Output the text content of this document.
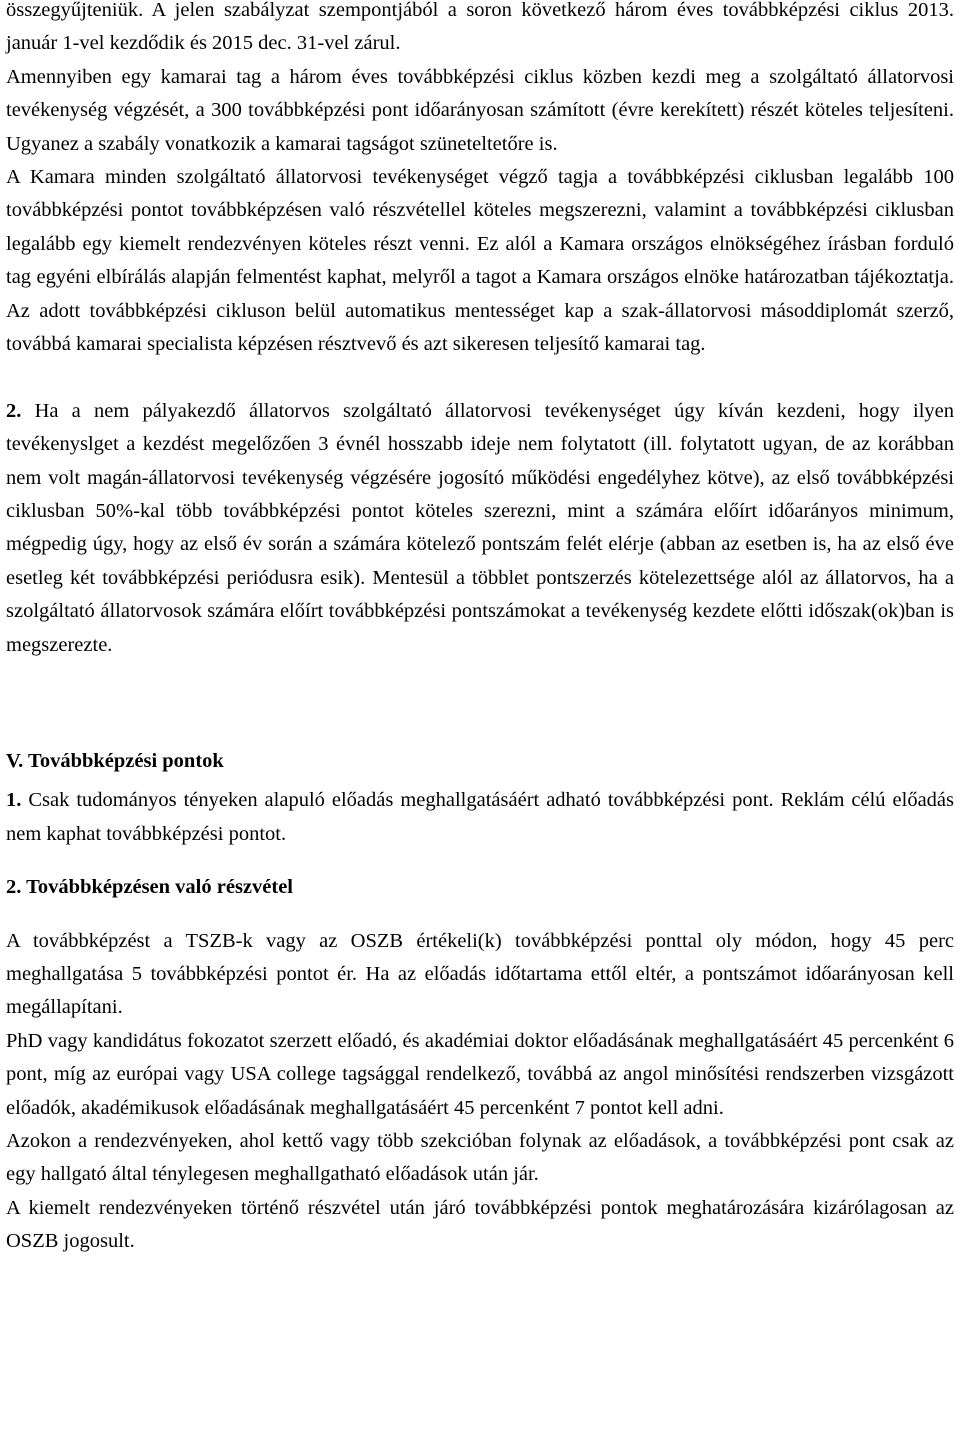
összegyűjteniük. A jelen szabályzat szempontjából a soron következő három éves továbbképzési ciklus 2013. január 1-vel kezdődik és 2015 dec. 31-vel zárul.

Amennyiben egy kamarai tag a három éves továbbképzési ciklus közben kezdi meg a szolgáltató állatorvosi tevékenység végzését, a 300 továbbképzési pont időarányosan számított (évre kerekített) részét köteles teljesíteni. Ugyanez a szabály vonatkozik a kamarai tagságot szüneteltetőre is.

A Kamara minden szolgáltató állatorvosi tevékenységet végző tagja a továbbképzési ciklusban legalább 100 továbbképzési pontot továbbképzésen való részvétellel köteles megszerezni, valamint a továbbképzési ciklusban legalább egy kiemelt rendezvényen köteles részt venni. Ez alól a Kamara országos elnökségéhez írásban forduló tag egyéni elbírálás alapján felmentést kaphat, melyről a tagot a Kamara országos elnöke határozatban tájékoztatja. Az adott továbbképzési cikluson belül automatikus mentességet kap a szak-állatorvosi másoddiplomát szerző, továbbá kamarai specialista képzésen résztvevő és azt sikeresen teljesítő kamarai tag.

2. Ha a nem pályakezdő állatorvos szolgáltató állatorvosi tevékenységet úgy kíván kezdeni, hogy ilyen tevékenyslget a kezdést megelőzően 3 évnél hosszabb ideje nem folytatott (ill. folytatott ugyan, de az korábban nem volt magán-állatorvosi tevékenység végzésére jogosító működési engedélyhez kötve), az első továbbképzési ciklusban 50%-kal több továbbképzési pontot köteles szerezni, mint a számára előírt időarányos minimum, mégpedig úgy, hogy az első év során a számára kötelező pontszám felét elérje (abban az esetben is, ha az első éve esetleg két továbbképzési periódusra esik). Mentesül a többlet pontszerzés kötelezettsége alól az állatorvos, ha a szolgáltató állatorvosok számára előírt továbbképzési pontszámokat a tevékenység kezdete előtti időszak(ok)ban is megszerezte.

V. Továbbképzési pontok

1. Csak tudományos tényeken alapuló előadás meghallgatásáért adható továbbképzési pont. Reklám célú előadás nem kaphat továbbképzési pontot.

2. Továbbképzésen való részvétel

A továbbképzést a TSZB-k vagy az OSZB értékeli(k) továbbképzési ponttal oly módon, hogy 45 perc meghallgatása 5 továbbképzési pontot ér. Ha az előadás időtartama ettől eltér, a pontszámot időarányosan kell megállapítani.

PhD vagy kandidátus fokozatot szerzett előadó, és akadémiai doktor előadásának meghallgatásáért 45 percenként 6 pont, míg az európai vagy USA college tagsággal rendelkező, továbbá az angol minősítési rendszerben vizsgázott előadók, akadémikusok előadásának meghallgatásáért 45 percenként 7 pontot kell adni.

Azokon a rendezvényeken, ahol kettő vagy több szekcióban folynak az előadások, a továbbképzési pont csak az egy hallgató által ténylegesen meghallgatható előadások után jár.

A kiemelt rendezvényeken történő részvétel után járó továbbképzési pontok meghatározására kizárólagosan az OSZB jogosult.
